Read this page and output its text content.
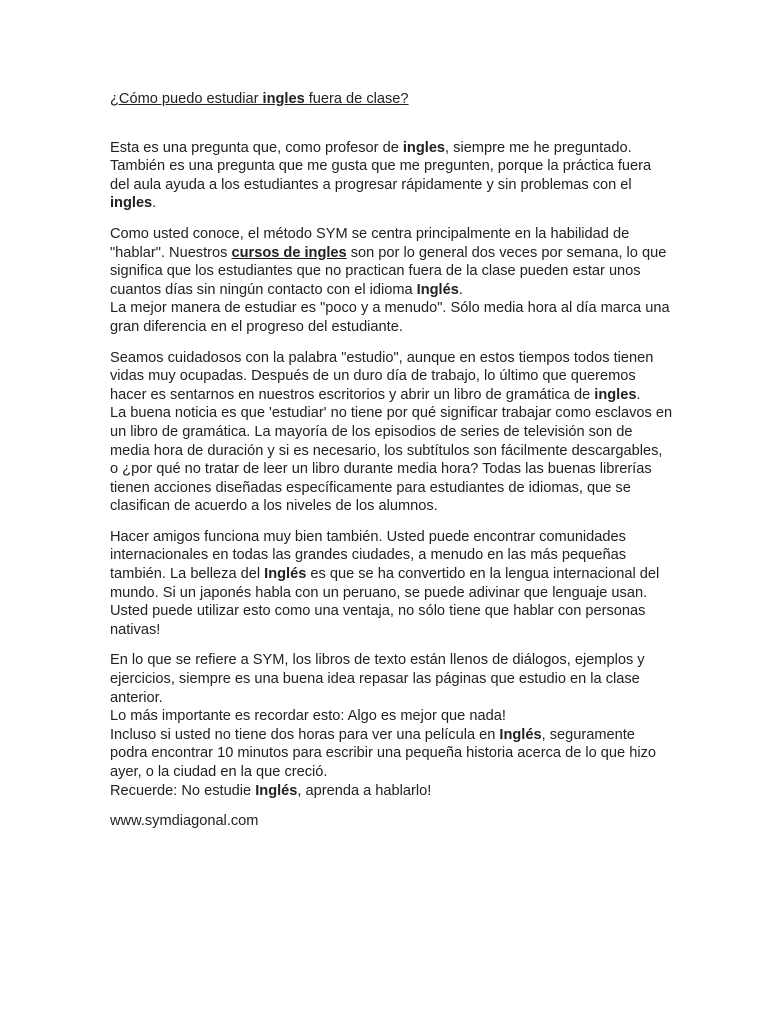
¿Cómo puedo estudiar ingles fuera de clase?

Esta es una pregunta que, como profesor de ingles, siempre me he preguntado.
También es una pregunta que me gusta que me pregunten, porque la práctica fuera
del aula ayuda a los estudiantes a progresar rápidamente y sin problemas con el
ingles.

Como usted conoce, el método SYM se centra principalmente en la habilidad de
"hablar". Nuestros cursos de ingles son por lo general dos veces por semana, lo que
significa que los estudiantes que no practican fuera de la clase pueden estar unos
cuantos días sin ningún contacto con el idioma Inglés.
La mejor manera de estudiar es "poco y a menudo". Sólo media hora al día marca una
gran diferencia en el progreso del estudiante.

Seamos cuidadosos con la palabra "estudio", aunque en estos tiempos todos tienen
vidas muy ocupadas. Después de un duro día de trabajo, lo último que queremos
hacer es sentarnos en nuestros escritorios y abrir un libro de gramática de ingles.
La buena noticia es que 'estudiar' no tiene por qué significar trabajar como esclavos en
un libro de gramática. La mayoría de los episodios de series de televisión son de
media hora de duración y si es necesario, los subtítulos son fácilmente descargables,
o ¿por qué no tratar de leer un libro durante media hora? Todas las buenas librerías
tienen acciones diseñadas específicamente para estudiantes de idiomas, que se
clasifican de acuerdo a los niveles de los alumnos.

Hacer amigos funciona muy bien también. Usted puede encontrar comunidades
internacionales en todas las grandes ciudades, a menudo en las más pequeñas
también. La belleza del Inglés es que se ha convertido en la lengua internacional del
mundo. Si un japonés habla con un peruano, se puede adivinar que lenguaje usan.
Usted puede utilizar esto como una ventaja, no sólo tiene que hablar con personas
nativas!

En lo que se refiere a SYM, los libros de texto están llenos de diálogos, ejemplos y
ejercicios, siempre es una buena idea repasar las páginas que estudio en la clase
anterior.
Lo más importante es recordar esto: Algo es mejor que nada!
Incluso si usted no tiene dos horas para ver una película en Inglés, seguramente
podra encontrar 10 minutos para escribir una pequeña historia acerca de lo que hizo
ayer, o la ciudad en la que creció.
Recuerde: No estudie Inglés, aprenda a hablarlo!

www.symdiagonal.com
